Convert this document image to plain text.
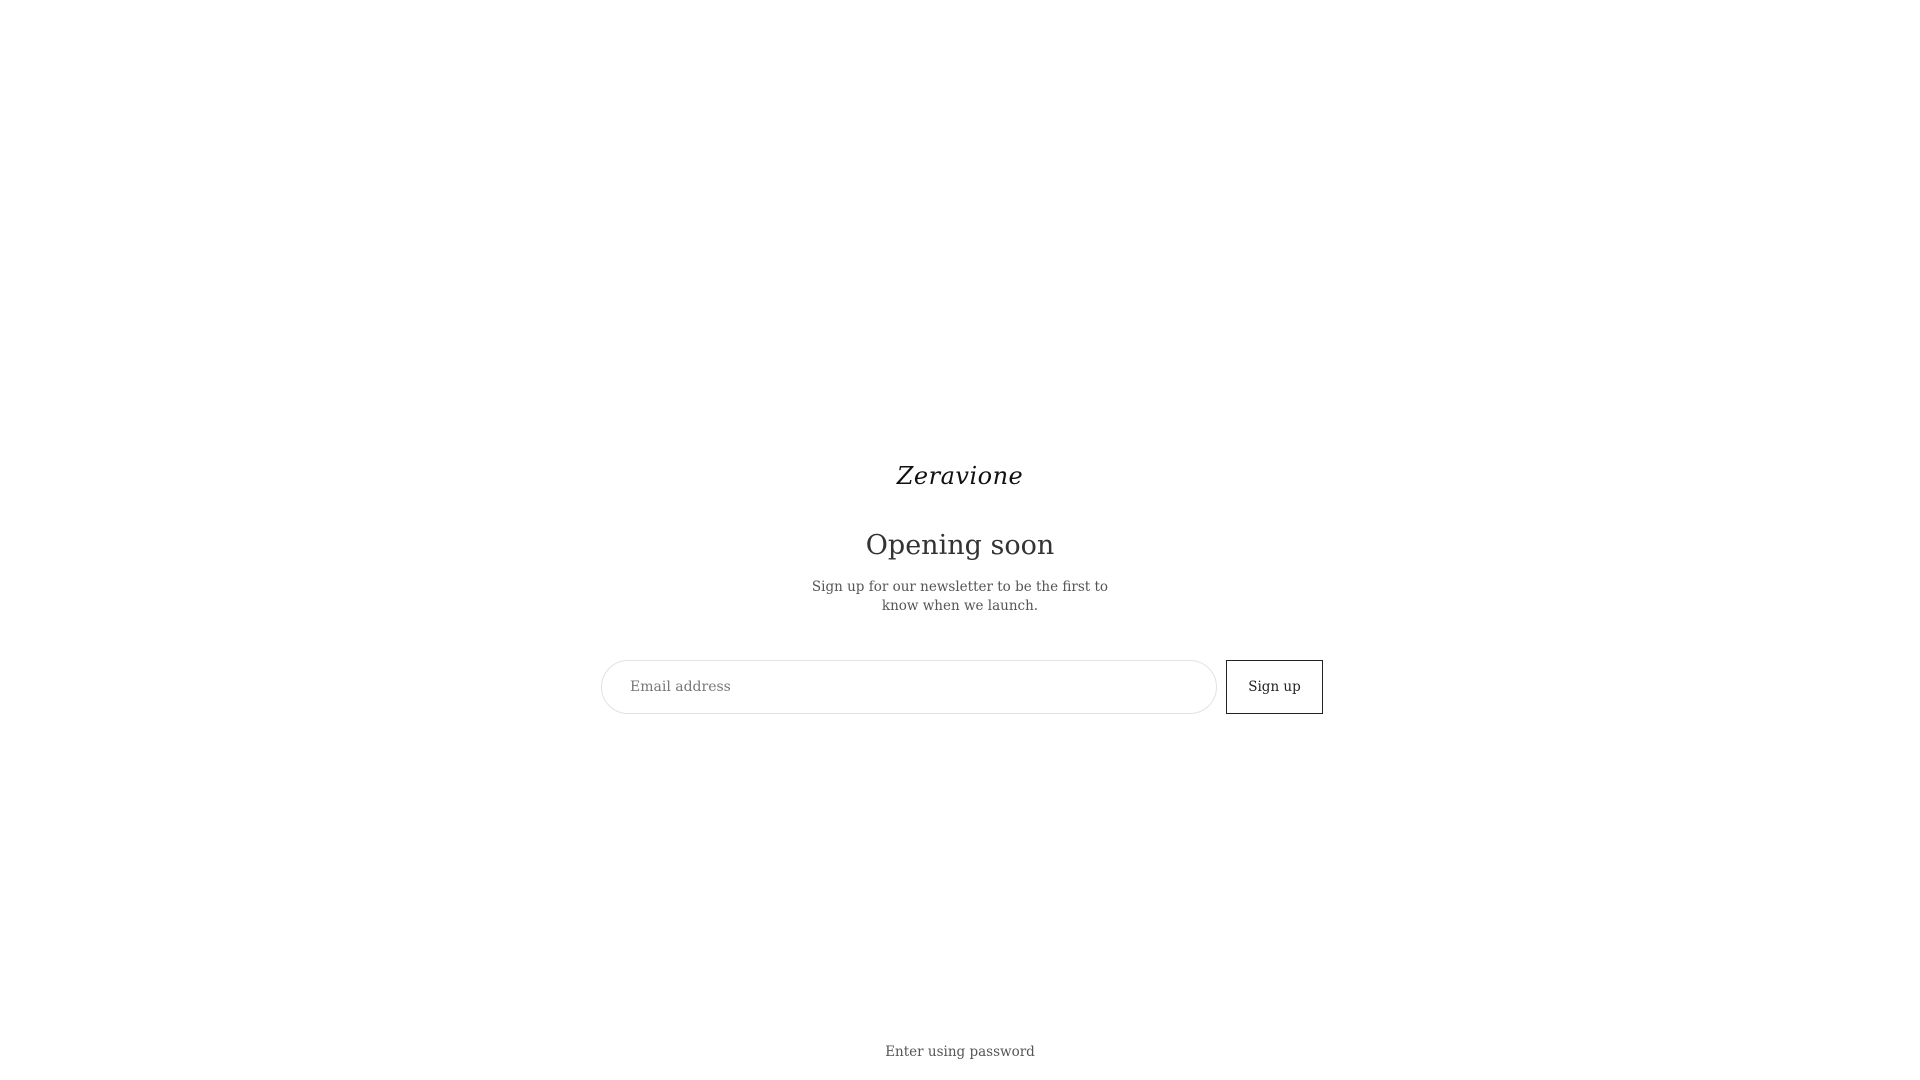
Zeravione
Opening soon
Sign up for our newsletter to be the first to know when we launch.
Email address
Sign up
Enter using password
